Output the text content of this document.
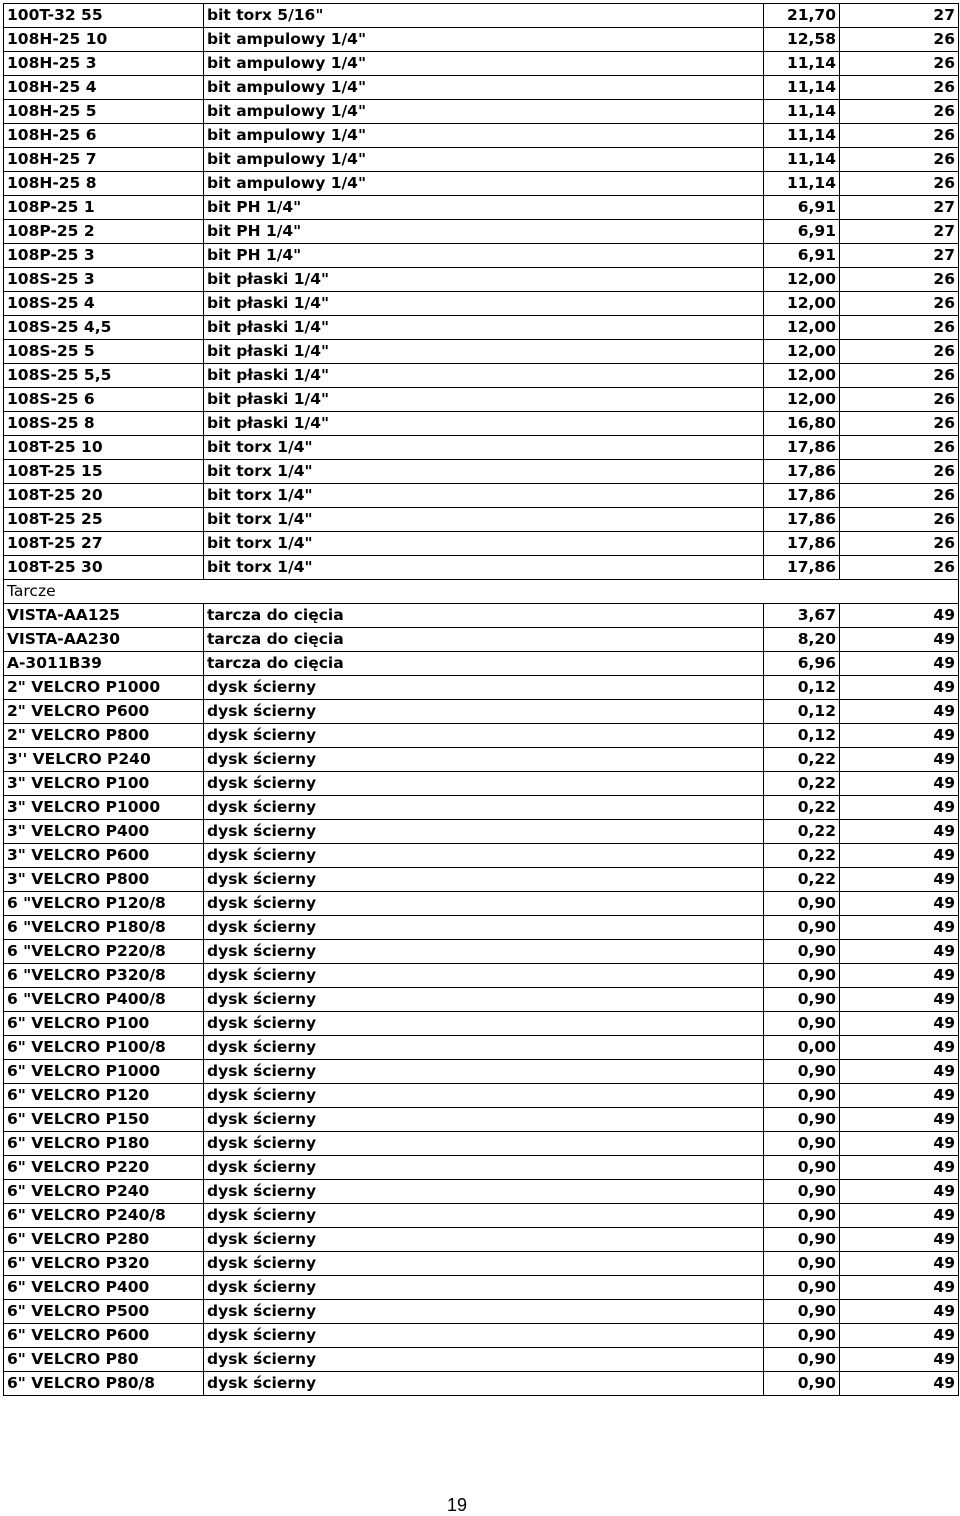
100T-32 55	bit torx 5/16"	21,70	27
108H-25 10	bit ampulowy 1/4"	12,58	26
108H-25 3	bit ampulowy 1/4"	11,14	26
108H-25 4	bit ampulowy 1/4"	11,14	26
108H-25 5	bit ampulowy 1/4"	11,14	26
108H-25 6	bit ampulowy 1/4"	11,14	26
108H-25 7	bit ampulowy 1/4"	11,14	26
108H-25 8	bit ampulowy 1/4"	11,14	26
108P-25 1	bit PH 1/4"	6,91	27
108P-25 2	bit PH 1/4"	6,91	27
108P-25 3	bit PH 1/4"	6,91	27
108S-25 3	bit płaski 1/4"	12,00	26
108S-25 4	bit płaski 1/4"	12,00	26
108S-25 4,5	bit płaski 1/4"	12,00	26
108S-25 5	bit płaski 1/4"	12,00	26
108S-25 5,5	bit płaski 1/4"	12,00	26
108S-25 6	bit płaski 1/4"	12,00	26
108S-25 8	bit płaski 1/4"	16,80	26
108T-25 10	bit torx 1/4"	17,86	26
108T-25 15	bit torx 1/4"	17,86	26
108T-25 20	bit torx 1/4"	17,86	26
108T-25 25	bit torx 1/4"	17,86	26
108T-25 27	bit torx 1/4"	17,86	26
108T-25 30	bit torx 1/4"	17,86	26
Tarcze			
VISTA-AA125	tarcza do cięcia	3,67	49
VISTA-AA230	tarcza do cięcia	8,20	49
A-3011B39	tarcza do cięcia	6,96	49
2" VELCRO P1000	dysk ścierny	0,12	49
2" VELCRO P600	dysk ścierny	0,12	49
2" VELCRO P800	dysk ścierny	0,12	49
3'' VELCRO P240	dysk ścierny	0,22	49
3" VELCRO P100	dysk ścierny	0,22	49
3" VELCRO P1000	dysk ścierny	0,22	49
3" VELCRO P400	dysk ścierny	0,22	49
3" VELCRO P600	dysk ścierny	0,22	49
3" VELCRO P800	dysk ścierny	0,22	49
6 "VELCRO P120/8	dysk ścierny	0,90	49
6 "VELCRO P180/8	dysk ścierny	0,90	49
6 "VELCRO P220/8	dysk ścierny	0,90	49
6 "VELCRO P320/8	dysk ścierny	0,90	49
6 "VELCRO P400/8	dysk ścierny	0,90	49
6" VELCRO P100	dysk ścierny	0,90	49
6" VELCRO P100/8	dysk ścierny	0,00	49
6" VELCRO P1000	dysk ścierny	0,90	49
6" VELCRO P120	dysk ścierny	0,90	49
6" VELCRO P150	dysk ścierny	0,90	49
6" VELCRO P180	dysk ścierny	0,90	49
6" VELCRO P220	dysk ścierny	0,90	49
6" VELCRO P240	dysk ścierny	0,90	49
6" VELCRO P240/8	dysk ścierny	0,90	49
6" VELCRO P280	dysk ścierny	0,90	49
6" VELCRO P320	dysk ścierny	0,90	49
6" VELCRO P400	dysk ścierny	0,90	49
6" VELCRO P500	dysk ścierny	0,90	49
6" VELCRO P600	dysk ścierny	0,90	49
6" VELCRO P80	dysk ścierny	0,90	49
6" VELCRO P80/8	dysk ścierny	0,90	49
19
